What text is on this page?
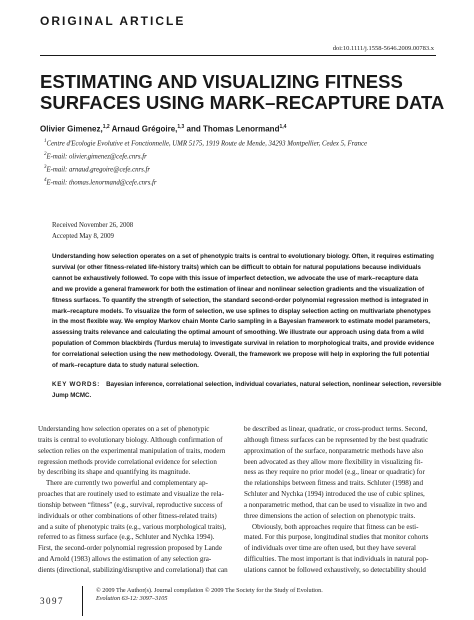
ORIGINAL ARTICLE
doi:10.1111/j.1558-5646.2009.00783.x
ESTIMATING AND VISUALIZING FITNESS
SURFACES USING MARK–RECAPTURE DATA
Olivier Gimenez,$^{1,2}$ Arnaud Grégoire,$^{1,3}$ and Thomas Lenormand$^{1,4}$
$^1$Centre d'Ecologie Evolutive et Fonctionnelle, UMR 5175, 1919 Route de Mende, 34293 Montpellier, Cedex 5, France
$^2$E-mail: olivier.gimenez@cefe.cnrs.fr
$^3$E-mail: arnaud.gregoire@cefe.cnrs.fr
$^4$E-mail: thomas.lenormand@cefe.cnrs.fr
Received November 26, 2008
Accepted May 8, 2009
Understanding how selection operates on a set of phenotypic traits is central to evolutionary biology. Often, it requires estimating
survival (or other fitness-related life-history traits) which can be difficult to obtain for natural populations because individuals
cannot be exhaustively followed. To cope with this issue of imperfect detection, we advocate the use of mark–recapture data
and we provide a general framework for both the estimation of linear and nonlinear selection gradients and the visualization of
fitness surfaces. To quantify the strength of selection, the standard second-order polynomial regression method is integrated in
mark–recapture models. To visualize the form of selection, we use splines to display selection acting on multivariate phenotypes
in the most flexible way. We employ Markov chain Monte Carlo sampling in a Bayesian framework to estimate model parameters,
assessing traits relevance and calculating the optimal amount of smoothing. We illustrate our approach using data from a wild
population of Common blackbirds (Turdus merula) to investigate survival in relation to morphological traits, and provide evidence
for correlational selection using the new methodology. Overall, the framework we propose will help in exploring the full potential
of mark–recapture data to study natural selection.
KEY WORDS: Bayesian inference, correlational selection, individual covariates, natural selection, nonlinear selection, reversible
Jump MCMC.

Understanding how selection operates on a set of phenotypic
traits is central to evolutionary biology. Although confirmation of
selection relies on the experimental manipulation of traits, modern
regression methods provide correlational evidence for selection
by describing its shape and quantifying its magnitude.

There are currently two powerful and complementary ap-
proaches that are routinely used to estimate and visualize the rela-
tionship between “fitness” (e.g., survival, reproductive success of
individuals or other combinations of other fitness-related traits)
and a suite of phenotypic traits (e.g., various morphological traits),
referred to as fitness surface (e.g., Schluter and Nychka 1994).
First, the second-order polynomial regression proposed by Lande
and Arnold (1983) allows the estimation of any selection gra-
dients (directional, stabilizing/disruptive and correlational) that can

be described as linear, quadratic, or cross-product terms. Second,
although fitness surfaces can be represented by the best quadratic
approximation of the surface, nonparametric methods have also
been advocated as they allow more flexibility in visualizing fit-
ness as they require no prior model (e.g., linear or quadratic) for
the relationships between fitness and traits. Schluter (1998) and
Schluter and Nychka (1994) introduced the use of cubic splines,
a nonparametric method, that can be used to visualize in two and
three dimensions the action of selection on phenotypic traits.

Obviously, both approaches require that fitness can be esti-
mated. For this purpose, longitudinal studies that monitor cohorts
of individuals over time are often used, but they have several
difficulties. The most important is that individuals in natural pop-
ulations cannot be followed exhaustively, so detectability should

3097
© 2009 The Author(s). Journal compilation © 2009 The Society for the Study of Evolution.
Evolution 63-12: 3097–3105
